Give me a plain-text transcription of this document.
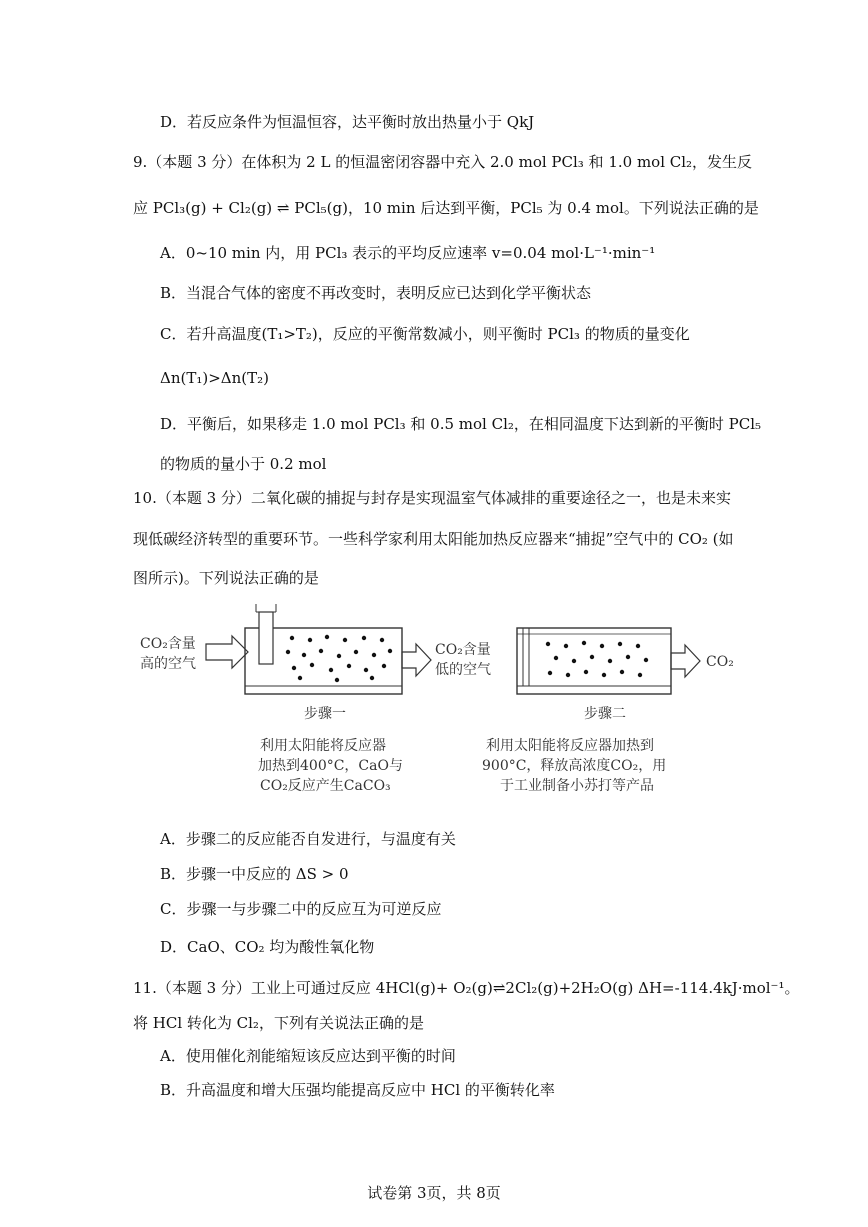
D．若反应条件为恒温恒容，达平衡时放出热量小于 QkJ
9.（本题 3 分）在体积为 2 L 的恒温密闭容器中充入 2.0 mol PCl₃ 和 1.0 mol Cl₂，发生反
应 PCl₃(g) + Cl₂(g) ⇌ PCl₅(g)，10 min 后达到平衡，PCl₅ 为 0.4 mol。下列说法正确的是
A．0~10 min 内，用 PCl₃ 表示的平均反应速率 v=0.04 mol·L⁻¹·min⁻¹
B．当混合气体的密度不再改变时，表明反应已达到化学平衡状态
C．若升高温度(T₁>T₂)，反应的平衡常数减小，则平衡时 PCl₃ 的物质的量变化
Δn(T₁)>Δn(T₂)
D．平衡后，如果移走 1.0 mol PCl₃ 和 0.5 mol Cl₂，在相同温度下达到新的平衡时 PCl₅
的物质的量小于 0.2 mol
10.（本题 3 分）二氧化碳的捕捉与封存是实现温室气体减排的重要途径之一，也是未来实
现低碳经济转型的重要环节。一些科学家利用太阳能加热反应器来“捕捉”空气中的 CO₂ (如
图所示)。下列说法正确的是
CO₂含量
高的空气
CO₂含量
低的空气	CO₂
步骤一	步骤二
利用太阳能将反应器
加热到400°C，CaO与
CO₂反应产生CaCO₃
利用太阳能将反应器加热到
900°C，释放高浓度CO₂，用
于工业制备小苏打等产品
A．步骤二的反应能否自发进行，与温度有关
B．步骤一中反应的 ΔS > 0
C．步骤一与步骤二中的反应互为可逆反应
D．CaO、CO₂ 均为酸性氧化物
11.（本题 3 分）工业上可通过反应 4HCl(g)+ O₂(g)⇌2Cl₂(g)+2H₂O(g) ΔH=-114.4kJ·mol⁻¹。
将 HCl 转化为 Cl₂，下列有关说法正确的是
A．使用催化剂能缩短该反应达到平衡的时间
B．升高温度和增大压强均能提高反应中 HCl 的平衡转化率
试卷第 3页，共 8页
